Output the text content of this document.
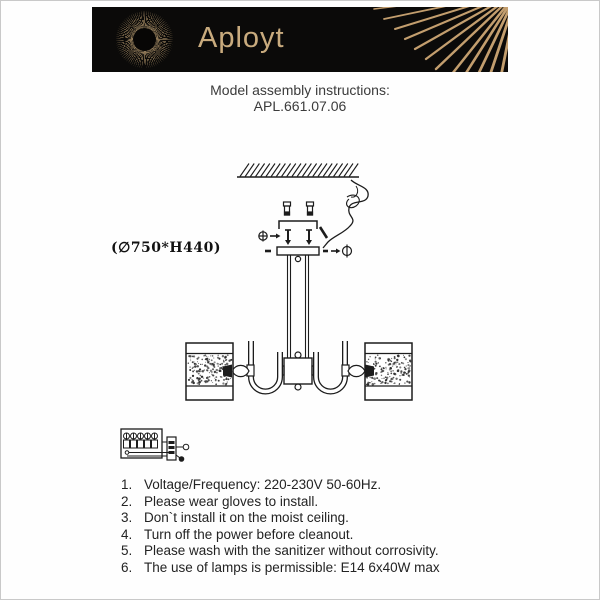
Aployt
Model assembly instructions:
APL.661.07.06
(∅750*H440)
1. Voltage/Frequency: 220-230V 50-60Hz.
2. Please wear gloves to install.
3. Don`t install it on the moist ceiling.
4. Turn off the power before cleanout.
5. Please wash with the sanitizer without corrosivity.
6. The use of lamps is permissible: E14 6x40W max
